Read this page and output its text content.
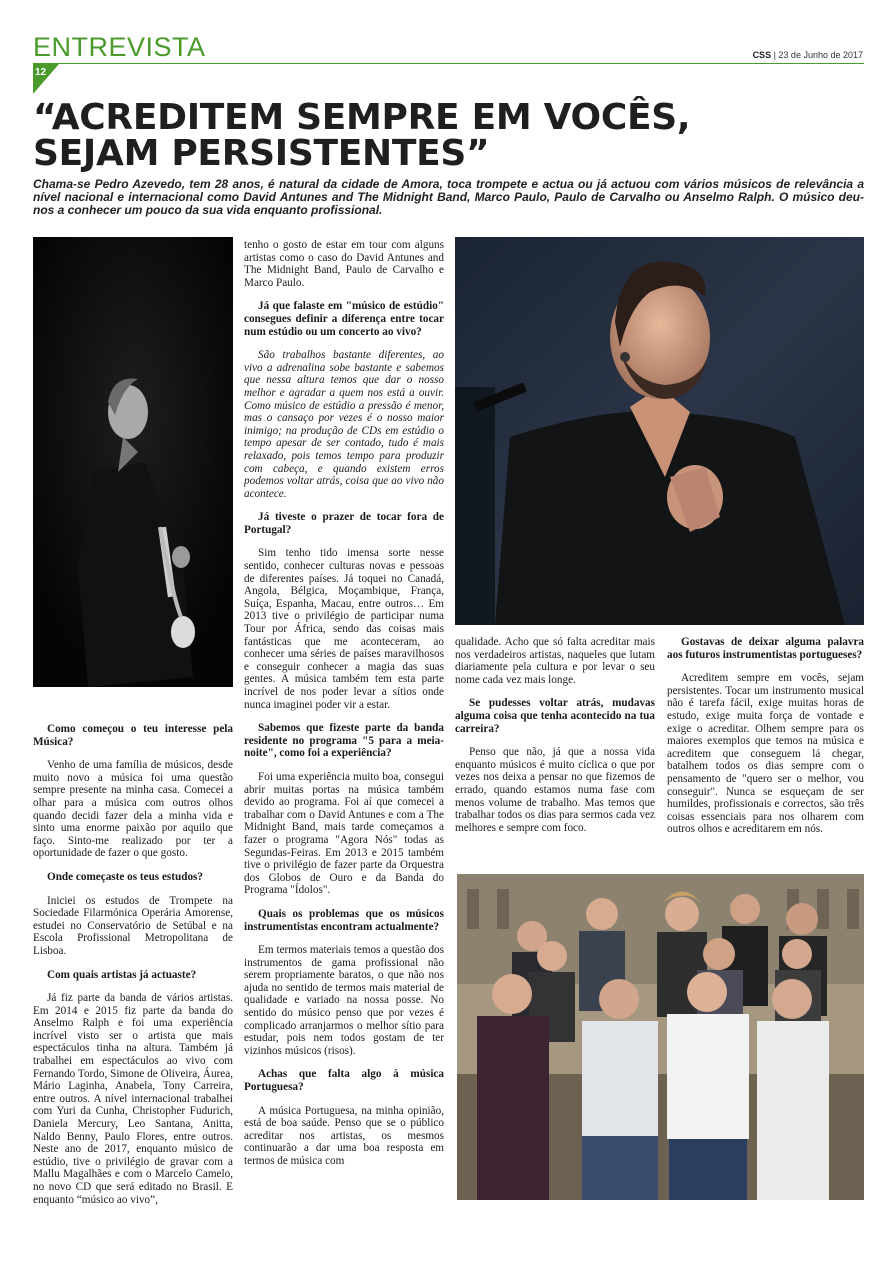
ENTREVISTA
12
CSS | 23 de Junho de 2017
“ACREDITEM SEMPRE EM VOCÊS,
SEJAM PERSISTENTES”
Chama-se Pedro Azevedo, tem 28 anos, é natural da cidade de Amora, toca trompete e actua ou já actuou com vários músicos de relevância a nível nacional e internacional como David Antunes and The Midnight Band, Marco Paulo, Paulo de Carvalho ou Anselmo Ralph. O músico deu-nos a conhecer um pouco da sua vida enquanto profissional.

Como começou o teu interesse pela Música?

Venho de uma família de músicos, desde muito novo a música foi uma questão sempre presente na minha casa. Comecei a olhar para a música com outros olhos quando decidi fazer dela a minha vida e sinto uma enorme paixão por aquilo que faço. Sinto-me realizado por ter a oportunidade de fazer o que gosto.

Onde começaste os teus estudos?

Iniciei os estudos de Trompete na Sociedade Filarmónica Operária Amorense, estudei no Conservatório de Setúbal e na Escola Profissional Metropolitana de Lisboa.

Com quais artistas já actuaste?

Já fiz parte da banda de vários artistas. Em 2014 e 2015 fiz parte da banda do Anselmo Ralph e foi uma experiência incrível visto ser o artista que mais espectáculos tinha na altura. Também já trabalhei em espectáculos ao vivo com Fernando Tordo, Simone de Oliveira, Áurea, Mário Laginha, Anabela, Tony Carreira, entre outros. A nível internacional trabalhei com Yuri da Cunha, Christopher Fudurich, Daniela Mercury, Leo Santana, Anitta, Naldo Benny, Paulo Flores, entre outros. Neste ano de 2017, enquanto músico de estúdio, tive o privilégio de gravar com a Mallu Magalhães e com o Marcelo Camelo, no novo CD que será editado no Brasil. E enquanto “músico ao vivo”,

tenho o gosto de estar em tour com alguns artistas como o caso do David Antunes and The Midnight Band, Paulo de Carvalho e Marco Paulo.

Já que falaste em "músico de estúdio" consegues definir a diferença entre tocar num estúdio ou um concerto ao vivo?

São trabalhos bastante diferentes, ao vivo a adrenalina sobe bastante e sabemos que nessa altura temos que dar o nosso melhor e agradar a quem nos está a ouvir. Como músico de estúdio a pressão é menor, mas o cansaço por vezes é o nosso maior inimigo; na produção de CDs em estúdio o tempo apesar de ser contado, tudo é mais relaxado, pois temos tempo para produzir com cabeça, e quando existem erros podemos voltar atrás, coisa que ao vivo não acontece.

Já tiveste o prazer de tocar fora de Portugal?

Sim tenho tido imensa sorte nesse sentido, conhecer culturas novas e pessoas de diferentes países. Já toquei no Canadá, Angola, Bélgica, Moçambique, França, Suíça, Espanha, Macau, entre outros… Em 2013 tive o privilégio de participar numa Tour por África, sendo das coisas mais fantásticas que me aconteceram, ao conhecer uma séries de países maravilhosos e conseguir conhecer a magia das suas gentes. A música também tem esta parte incrível de nos poder levar a sítios onde nunca imaginei poder vir a estar.

Sabemos que fizeste parte da banda residente no programa "5 para a meia-noite", como foi a experiência?

Foi uma experiência muito boa, consegui abrir muitas portas na música também devido ao programa. Foi aí que comecei a trabalhar com o David Antunes e com a The Midnight Band, mais tarde começamos a fazer o programa "Agora Nós" todas as Segundas-Feiras. Em 2013 e 2015 também tive o privilégio de fazer parte da Orquestra dos Globos de Ouro e da Banda do Programa "Ídolos".

Quais os problemas que os músicos instrumentistas encontram actualmente?

Em termos materiais temos a questão dos instrumentos de gama profissional não serem propriamente baratos, o que não nos ajuda no sentido de termos mais material de qualidade e variado na nossa posse. No sentido do músico penso que por vezes é complicado arranjarmos o melhor sítio para estudar, pois nem todos gostam de ter vizinhos músicos (risos).

Achas que falta algo à música Portuguesa?

A música Portuguesa, na minha opinião, está de boa saúde. Penso que se o público acreditar nos artistas, os mesmos continuarão a dar uma boa resposta em termos de música com

qualidade. Acho que só falta acreditar mais nos verdadeiros artistas, naqueles que lutam diariamente pela cultura e por levar o seu nome cada vez mais longe.

Se pudesses voltar atrás, mudavas alguma coisa que tenha acontecido na tua carreira?

Penso que não, já que a nossa vida enquanto músicos é muito cíclica o que por vezes nos deixa a pensar no que fizemos de errado, quando estamos numa fase com menos volume de trabalho. Mas temos que trabalhar todos os dias para sermos cada vez melhores e sempre com foco.

Gostavas de deixar alguma palavra aos futuros instrumentistas portugueses?

Acreditem sempre em vocês, sejam persistentes. Tocar um instrumento musical não é tarefa fácil, exige muitas horas de estudo, exige muita força de vontade e exige o acreditar. Olhem sempre para os maiores exemplos que temos na música e acreditem que conseguem lá chegar, batalhem todos os dias sempre com o pensamento de "quero ser o melhor, vou conseguir". Nunca se esqueçam de ser humildes, profissionais e correctos, são três coisas essenciais para nos olharem com outros olhos e acreditarem em nós.
